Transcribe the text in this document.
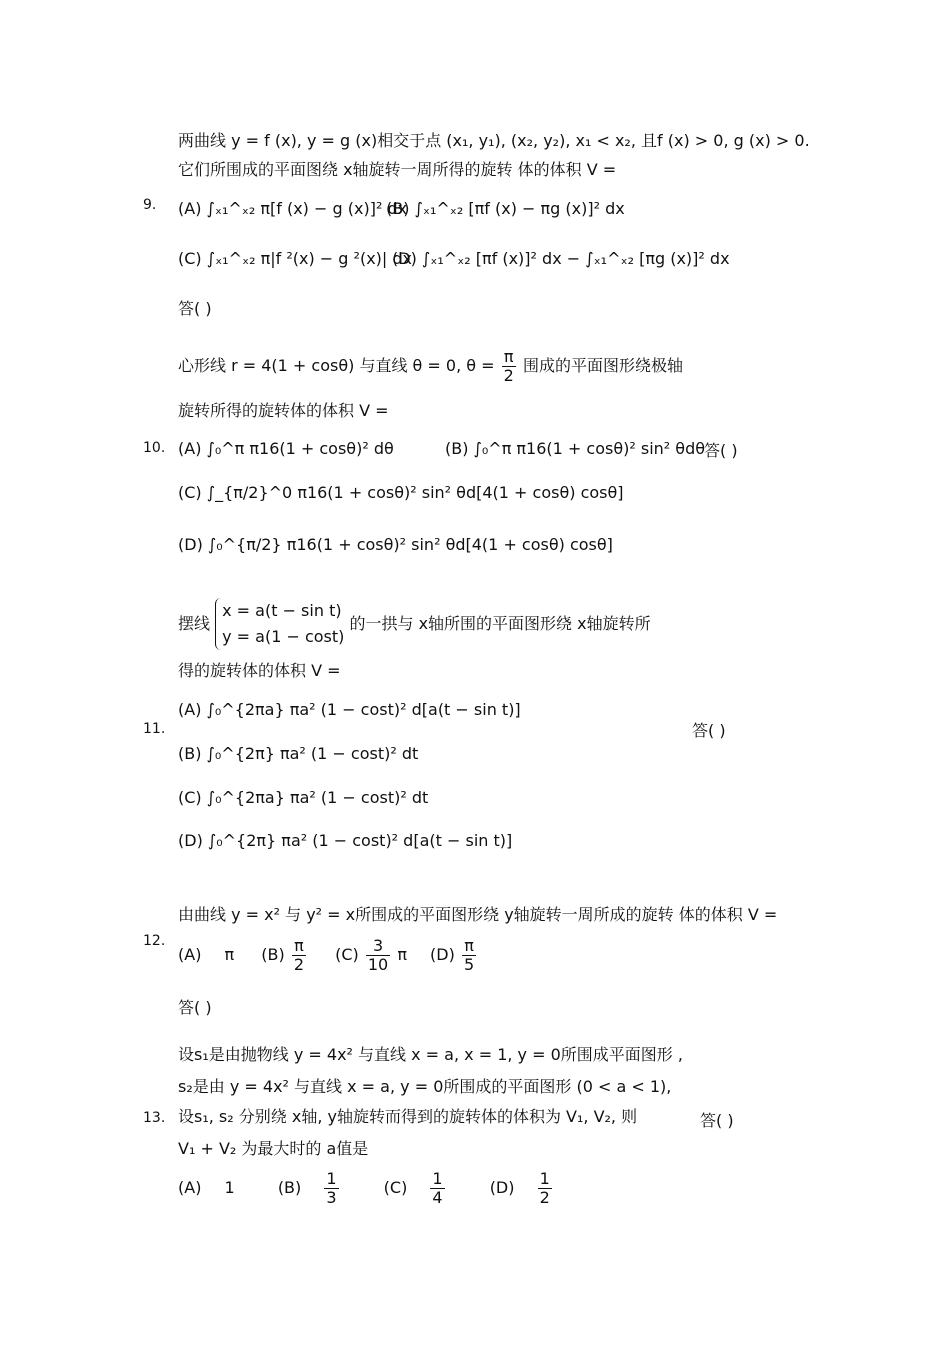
两曲线 y = f (x), y = g (x)相交于点 (x₁, y₁), (x₂, y₂), x₁ < x₂, 且f (x) > 0, g (x) > 0.
它们所围成的平面图绕 x轴旋转一周所得的旋转 体的体积 V =
9. (A) ∫ₓ₁^ₓ₂ π[f (x) − g (x)]² dx
(B) ∫ₓ₁^ₓ₂ [πf (x) − πg (x)]² dx
(C) ∫ₓ₁^ₓ₂ π|f ²(x) − g ²(x)| dx
(D) ∫ₓ₁^ₓ₂ [πf (x)]² dx − ∫ₓ₁^ₓ₂ [πg (x)]² dx
答( )
心形线 r = 4(1 + cosθ) 与直线 θ = 0, $\theta = \frac{\pi}{2}$ 围成的平面图形绕极轴
旋转所得的旋转体的体积 V =
10. (A) ∫₀^π π16(1 + cosθ)² dθ	(B) ∫₀^π π16(1 + cosθ)² sin² θdθ
答( )
(C) ∫_{π/2}^0 π16(1 + cosθ)² sin² θd[4(1 + cosθ) cosθ]
(D) ∫₀^{π/2} π16(1 + cosθ)² sin² θd[4(1 + cosθ) cosθ]
摆线
x = a(t − sin t)
y = a(1 − cost)
的一拱与 x轴所围的平面图形绕 x轴旋转所
得的旋转体的体积 V =
(A) ∫₀^{2πa} πa² (1 − cost)² d[a(t − sin t)]
11.	答( )
(B) ∫₀^{2π} πa² (1 − cost)² dt
(C) ∫₀^{2πa} πa² (1 − cost)² dt
(D) ∫₀^{2π} πa² (1 − cost)² d[a(t − sin t)]
由曲线 y = x² 与 y² = x所围成的平面图形绕 y轴旋转一周所成的旋转 体的体积 V =
12.
(A) π $(B) \frac{\pi}{2} (C) \frac{3}{10}$ π $(D) \frac{\pi}{5}$
答( )
设s₁是由抛物线 y = 4x² 与直线 x = a, x = 1, y = 0所围成平面图形 ,
s₂是由 y = 4x² 与直线 x = a, y = 0所围成的平面图形 (0 < a < 1),
13. 设s₁, s₂ 分别绕 x轴, y轴旋转而得到的旋转体的体积为 V₁, V₂, 则	答( )
V₁ + V₂ 为最大时的 a值是
(A) 1	$(B) \frac{1}{3}$	$(C) \frac{1}{4}$	$(D) \frac{1}{2}$
